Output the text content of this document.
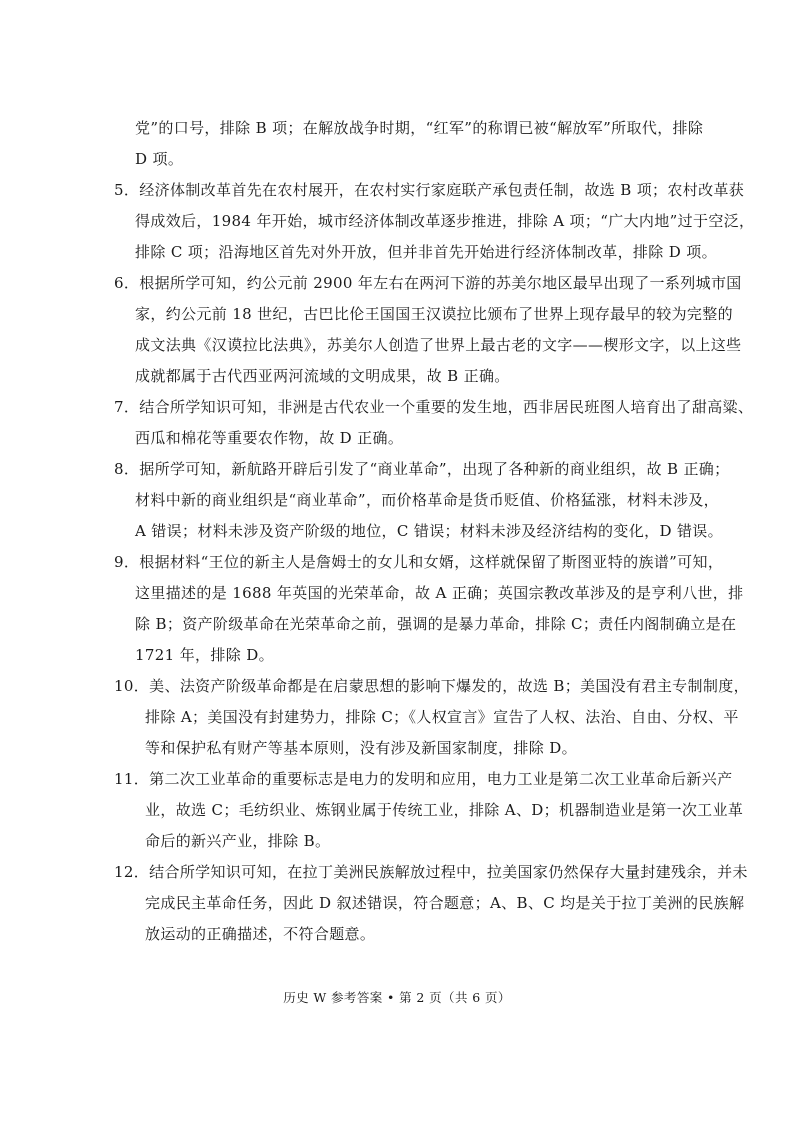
党”的口号，排除 B 项；在解放战争时期，“红军”的称谓已被“解放军”所取代，排除
D 项。
5．经济体制改革首先在农村展开，在农村实行家庭联产承包责任制，故选 B 项；农村改革获
得成效后，1984 年开始，城市经济体制改革逐步推进，排除 A 项；“广大内地”过于空泛，
排除 C 项；沿海地区首先对外开放，但并非首先开始进行经济体制改革，排除 D 项。
6．根据所学可知，约公元前 2900 年左右在两河下游的苏美尔地区最早出现了一系列城市国
家，约公元前 18 世纪，古巴比伦王国国王汉谟拉比颁布了世界上现存最早的较为完整的
成文法典《汉谟拉比法典》，苏美尔人创造了世界上最古老的文字——楔形文字，以上这些
成就都属于古代西亚两河流域的文明成果，故 B 正确。
7．结合所学知识可知，非洲是古代农业一个重要的发生地，西非居民班图人培育出了甜高粱、
西瓜和棉花等重要农作物，故 D 正确。
8．据所学可知，新航路开辟后引发了“商业革命”，出现了各种新的商业组织，故 B 正确；
材料中新的商业组织是“商业革命”，而价格革命是货币贬值、价格猛涨，材料未涉及，
A 错误；材料未涉及资产阶级的地位，C 错误；材料未涉及经济结构的变化，D 错误。
9．根据材料“王位的新主人是詹姆士的女儿和女婿，这样就保留了斯图亚特的族谱”可知，
这里描述的是 1688 年英国的光荣革命，故 A 正确；英国宗教改革涉及的是亨利八世，排
除 B；资产阶级革命在光荣革命之前，强调的是暴力革命，排除 C；责任内阁制确立是在
1721 年，排除 D。
10．美、法资产阶级革命都是在启蒙思想的影响下爆发的，故选 B；美国没有君主专制制度，
排除 A；美国没有封建势力，排除 C；《人权宣言》宣告了人权、法治、自由、分权、平
等和保护私有财产等基本原则，没有涉及新国家制度，排除 D。
11．第二次工业革命的重要标志是电力的发明和应用，电力工业是第二次工业革命后新兴产
业，故选 C；毛纺织业、炼钢业属于传统工业，排除 A、D；机器制造业是第一次工业革
命后的新兴产业，排除 B。
12．结合所学知识可知，在拉丁美洲民族解放过程中，拉美国家仍然保存大量封建残余，并未
完成民主革命任务，因此 D 叙述错误，符合题意；A、B、C 均是关于拉丁美洲的民族解
放运动的正确描述，不符合题意。
历史 W 参考答案 • 第 2 页（共 6 页）
